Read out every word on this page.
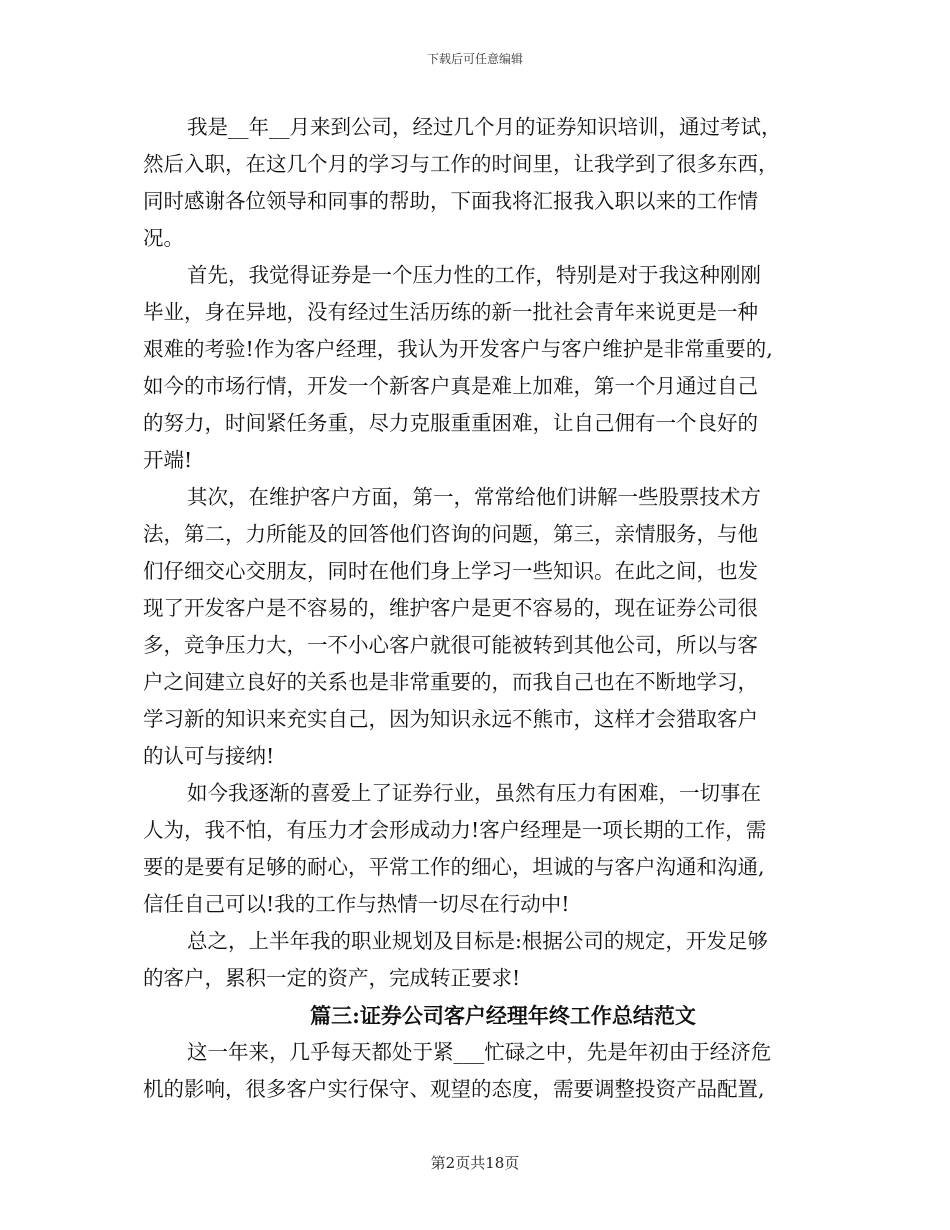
下载后可任意编辑
我是__年__月来到公司，经过几个月的证券知识培训，通过考试，
然后入职，在这几个月的学习与工作的时间里，让我学到了很多东西，
同时感谢各位领导和同事的帮助，下面我将汇报我入职以来的工作情
况。
首先，我觉得证券是一个压力性的工作，特别是对于我这种刚刚
毕业，身在异地，没有经过生活历练的新一批社会青年来说更是一种
艰难的考验!作为客户经理，我认为开发客户与客户维护是非常重要的,
如今的市场行情，开发一个新客户真是难上加难，第一个月通过自己
的努力，时间紧任务重，尽力克服重重困难，让自己佣有一个良好的
开端!
其次，在维护客户方面，第一，常常给他们讲解一些股票技术方
法，第二，力所能及的回答他们咨询的问题，第三，亲情服务，与他
们仔细交心交朋友，同时在他们身上学习一些知识。在此之间，也发
现了开发客户是不容易的，维护客户是更不容易的，现在证券公司很
多，竞争压力大，一不小心客户就很可能被转到其他公司，所以与客
户之间建立良好的关系也是非常重要的，而我自己也在不断地学习，
学习新的知识来充实自己，因为知识永远不熊市，这样才会猎取客户
的认可与接纳!
如今我逐渐的喜爱上了证券行业，虽然有压力有困难，一切事在
人为，我不怕，有压力才会形成动力!客户经理是一项长期的工作，需
要的是要有足够的耐心，平常工作的细心，坦诚的与客户沟通和沟通,
信任自己可以!我的工作与热情一切尽在行动中!
总之，上半年我的职业规划及目标是:根据公司的规定，开发足够
的客户，累积一定的资产，完成转正要求!
篇三:证券公司客户经理年终工作总结范文
这一年来，几乎每天都处于紧___忙碌之中，先是年初由于经济危
机的影响，很多客户实行保守、观望的态度，需要调整投资产品配置,
第2页共18页
